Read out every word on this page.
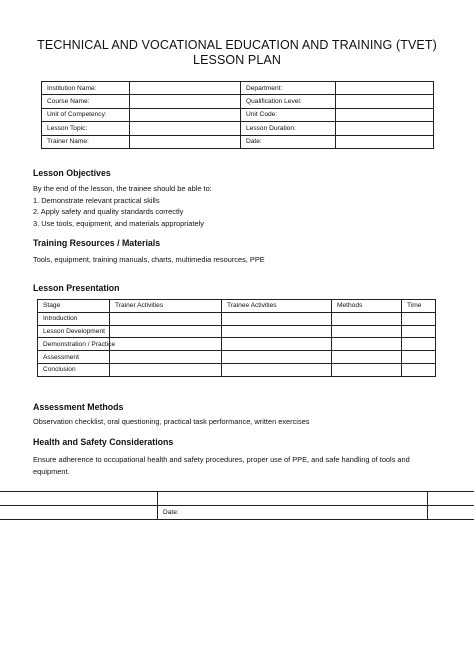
TECHNICAL AND VOCATIONAL EDUCATION AND TRAINING (TVET)
LESSON PLAN
Institution Name:		Department:	
Course Name:		Qualification Level:	
Unit of Competency:		Unit Code:	
Lesson Topic:		Lesson Duration:	
Trainer Name:		Date:	
Lesson Objectives
By the end of the lesson, the trainee should be able to:
1. Demonstrate relevant practical skills
2. Apply safety and quality standards correctly
3. Use tools, equipment, and materials appropriately
Training Resources / Materials
Tools, equipment, training manuals, charts, multimedia resources, PPE
Lesson Presentation
Stage	Trainer Activities	Trainee Activities	Methods	Time
Introduction				
Lesson Development				
Demonstration / Practice				
Assessment				
Conclusion				
Assessment Methods
Observation checklist, oral questioning, practical task performance, written exercises
Health and Safety Considerations
Ensure adherence to occupational health and safety procedures, proper use of PPE, and safe handling of tools and
equipment.

	Date:	
